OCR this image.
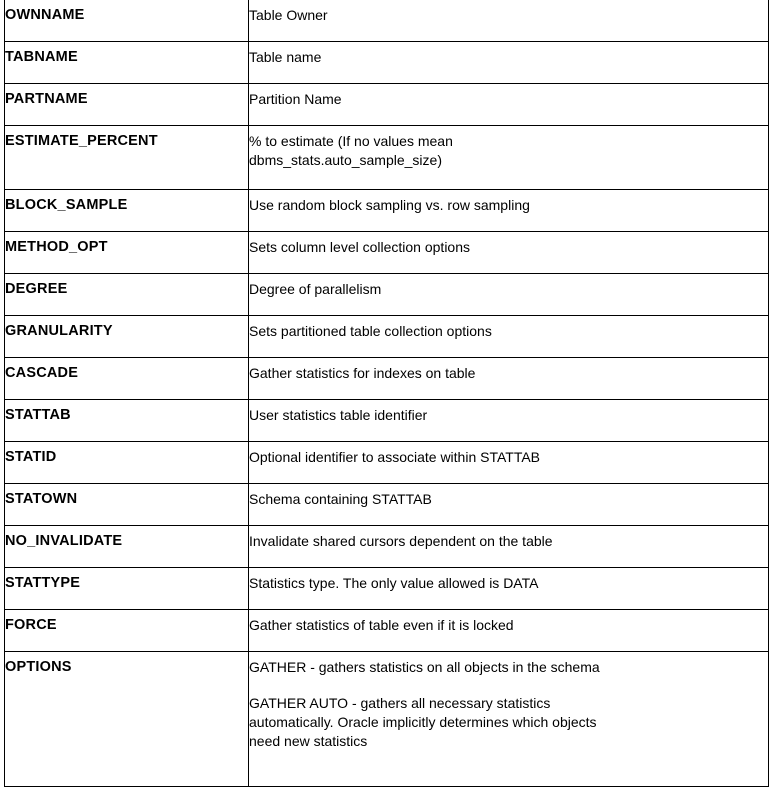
OWNNAME	Table Owner

TABNAME	Table name

PARTNAME	Partition Name

ESTIMATE_PERCENT	% to estimate (If no values mean
dbms_stats.auto_sample_size)

BLOCK_SAMPLE	Use random block sampling vs. row sampling

METHOD_OPT	Sets column level collection options

DEGREE	Degree of parallelism

GRANULARITY	Sets partitioned table collection options

CASCADE	Gather statistics for indexes on table

STATTAB	User statistics table identifier

STATID	Optional identifier to associate within STATTAB

STATOWN	Schema containing STATTAB

NO_INVALIDATE	Invalidate shared cursors dependent on the table

STATTYPE	Statistics type. The only value allowed is DATA

FORCE	Gather statistics of table even if it is locked

OPTIONS	GATHER - gathers statistics on all objects in the schema
GATHER AUTO - gathers all necessary statistics
automatically. Oracle implicitly determines which objects
need new statistics
